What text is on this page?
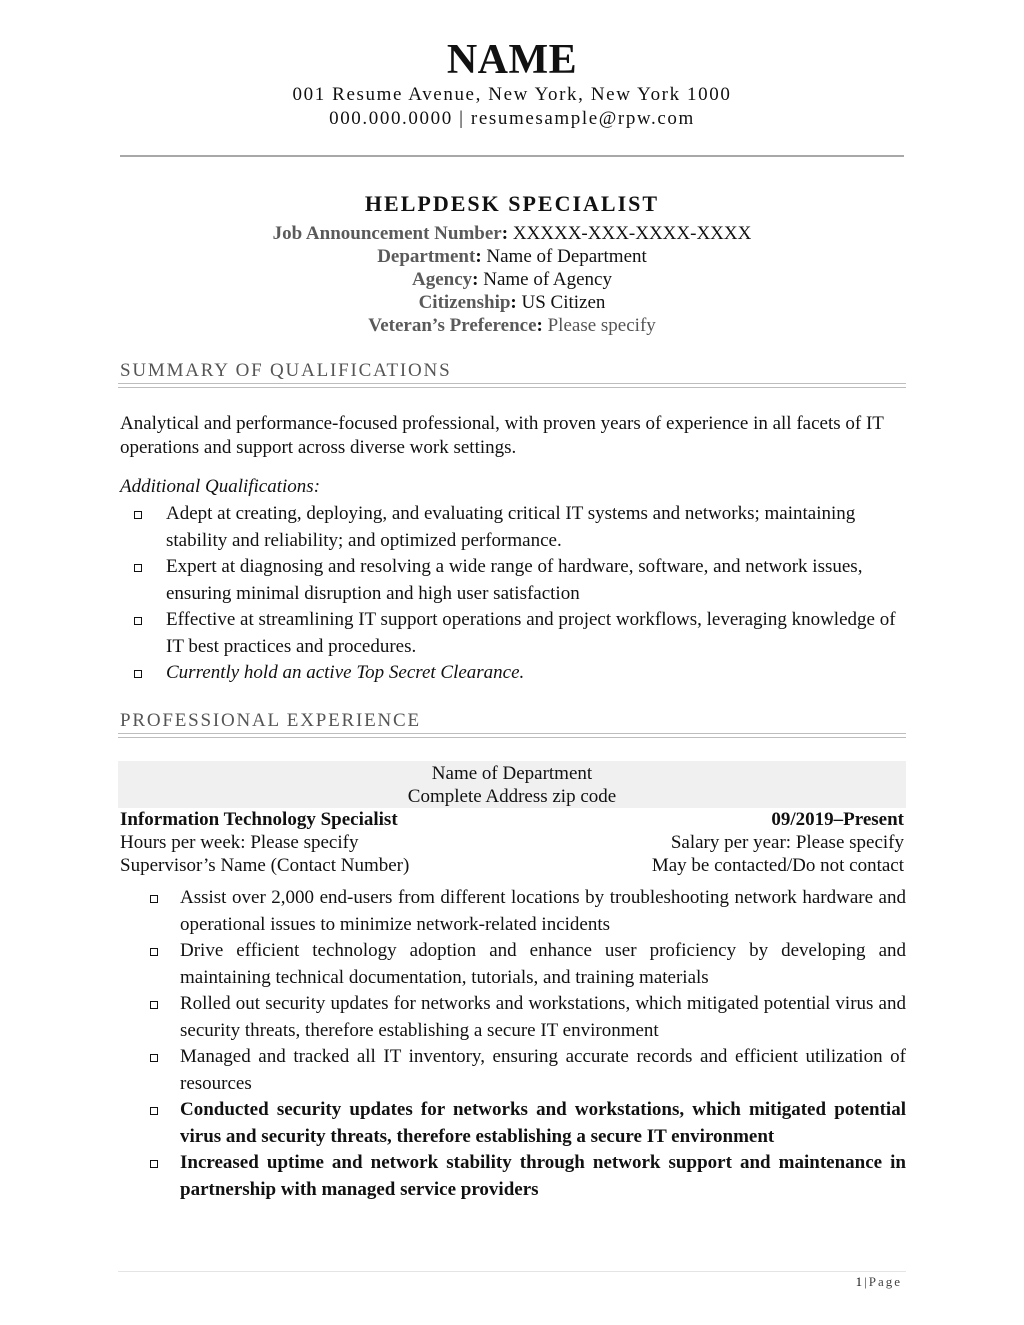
NAME
001 Resume Avenue, New York, New York 1000
000.000.0000 | resumesample@rpw.com
HELPDESK SPECIALIST
Job Announcement Number: XXXXX-XXX-XXXX-XXXX
Department: Name of Department
Agency: Name of Agency
Citizenship: US Citizen
Veteran’s Preference: Please specify
SUMMARY OF QUALIFICATIONS
Analytical and performance-focused professional, with proven years of experience in all facets of IT operations and support across diverse work settings.
Additional Qualifications:
Adept at creating, deploying, and evaluating critical IT systems and networks; maintaining stability and reliability; and optimized performance.
Expert at diagnosing and resolving a wide range of hardware, software, and network issues, ensuring minimal disruption and high user satisfaction
Effective at streamlining IT support operations and project workflows, leveraging knowledge of IT best practices and procedures.
Currently hold an active Top Secret Clearance.
PROFESSIONAL EXPERIENCE
Name of Department
Complete Address zip code
Information Technology Specialist	09/2019–Present
Hours per week: Please specify	Salary per year: Please specify
Supervisor’s Name (Contact Number)	May be contacted/Do not contact
Assist over 2,000 end-users from different locations by troubleshooting network hardware and operational issues to minimize network-related incidents
Drive efficient technology adoption and enhance user proficiency by developing and maintaining technical documentation, tutorials, and training materials
Rolled out security updates for networks and workstations, which mitigated potential virus and security threats, therefore establishing a secure IT environment
Managed and tracked all IT inventory, ensuring accurate records and efficient utilization of resources
Conducted security updates for networks and workstations, which mitigated potential virus and security threats, therefore establishing a secure IT environment
Increased uptime and network stability through network support and maintenance in partnership with managed service providers
1|Page
